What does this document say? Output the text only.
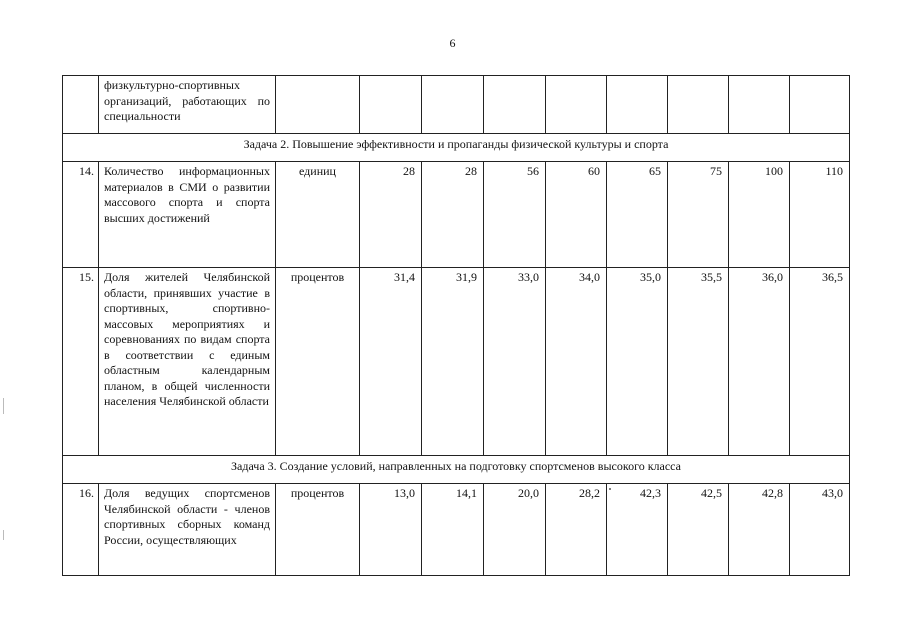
6
	физкультурно-спортивных организаций, работающих по специальности									
Задача 2. Повышение эффективности и пропаганды физической культуры и спорта										
14.	Количество информационных материалов в СМИ о развитии массового спорта и спорта высших достижений	единиц	28	28	56	60	65	75	100	110
15.	Доля жителей Челябинской области, принявших участие в спортивных, спортивно-массовых мероприятиях и соревнованиях по видам спорта в соответствии с единым областным календарным планом, в общей численности населения Челябинской области	процентов	31,4	31,9	33,0	34,0	35,0	35,5	36,0	36,5
Задача 3. Создание условий, направленных на подготовку спортсменов высокого класса										
16.	Доля ведущих спортсменов Челябинской области - членов спортивных сборных команд России, осуществляющих	процентов	13,0	14,1	20,0	28,2	42,3	42,5	42,8	43,0
